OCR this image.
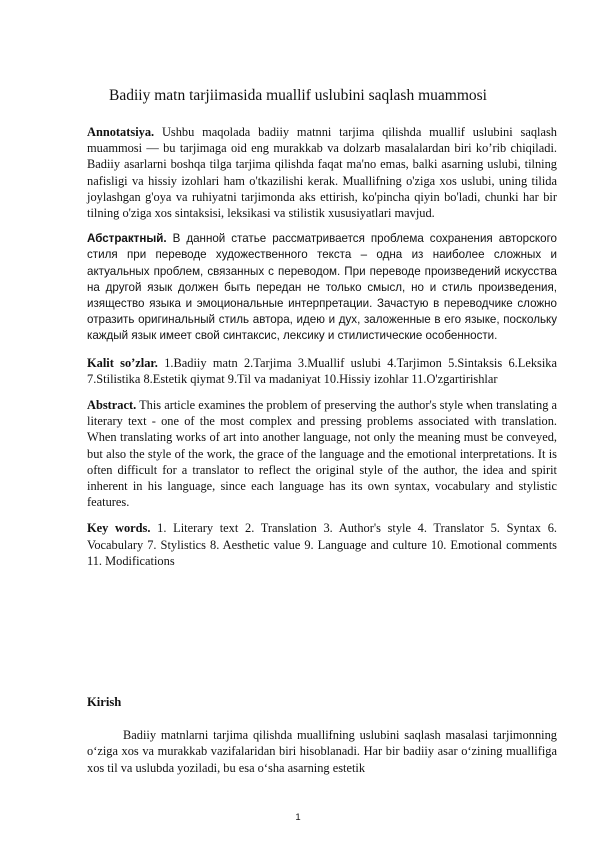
Badiiy matn tarjiimasida muallif uslubini saqlash muammosi

Annotatsiya. Ushbu maqolada badiiy matnni tarjima qilishda muallif uslubini saqlash muammosi — bu tarjimaga oid eng murakkab va dolzarb masalalardan biri ko’rib chiqiladi. Badiiy asarlarni boshqa tilga tarjima qilishda faqat ma'no emas, balki asarning uslubi, tilning nafisligi va hissiy izohlari ham o'tkazilishi kerak. Muallifning o'ziga xos uslubi, uning tilida joylashgan g'oya va ruhiyatni tarjimonda aks ettirish, ko'pincha qiyin bo'ladi, chunki har bir tilning o'ziga xos sintaksisi, leksikasi va stilistik xususiyatlari mavjud.

Абстрактный. В данной статье рассматривается проблема сохранения авторского стиля при переводе художественного текста – одна из наиболее сложных и актуальных проблем, связанных с переводом. При переводе произведений искусства на другой язык должен быть передан не только смысл, но и стиль произведения, изящество языка и эмоциональные интерпретации. Зачастую в переводчике сложно отразить оригинальный стиль автора, идею и дух, заложенные в его языке, поскольку каждый язык имеет свой синтаксис, лексику и стилистические особенности.

Kalit so’zlar. 1.Badiiy matn 2.Tarjima 3.Muallif uslubi 4.Tarjimon 5.Sintaksis 6.Leksika 7.Stilistika 8.Estetik qiymat 9.Til va madaniyat 10.Hissiy izohlar 11.O'zgartirishlar

Abstract. This article examines the problem of preserving the author's style when translating a literary text - one of the most complex and pressing problems associated with translation. When translating works of art into another language, not only the meaning must be conveyed, but also the style of the work, the grace of the language and the emotional interpretations. It is often difficult for a translator to reflect the original style of the author, the idea and spirit inherent in his language, since each language has its own syntax, vocabulary and stylistic features.

Key words. 1. Literary text 2. Translation 3. Author's style 4. Translator 5. Syntax 6. Vocabulary 7. Stylistics 8. Aesthetic value 9. Language and culture 10. Emotional comments 11. Modifications

Kirish
Badiiy matnlarni tarjima qilishda muallifning uslubini saqlash masalasi tarjimonning o‘ziga xos va murakkab vazifalaridan biri hisoblanadi. Har bir badiiy asar o‘zining muallifiga xos til va uslubda yoziladi, bu esa o‘sha asarning estetik
1
